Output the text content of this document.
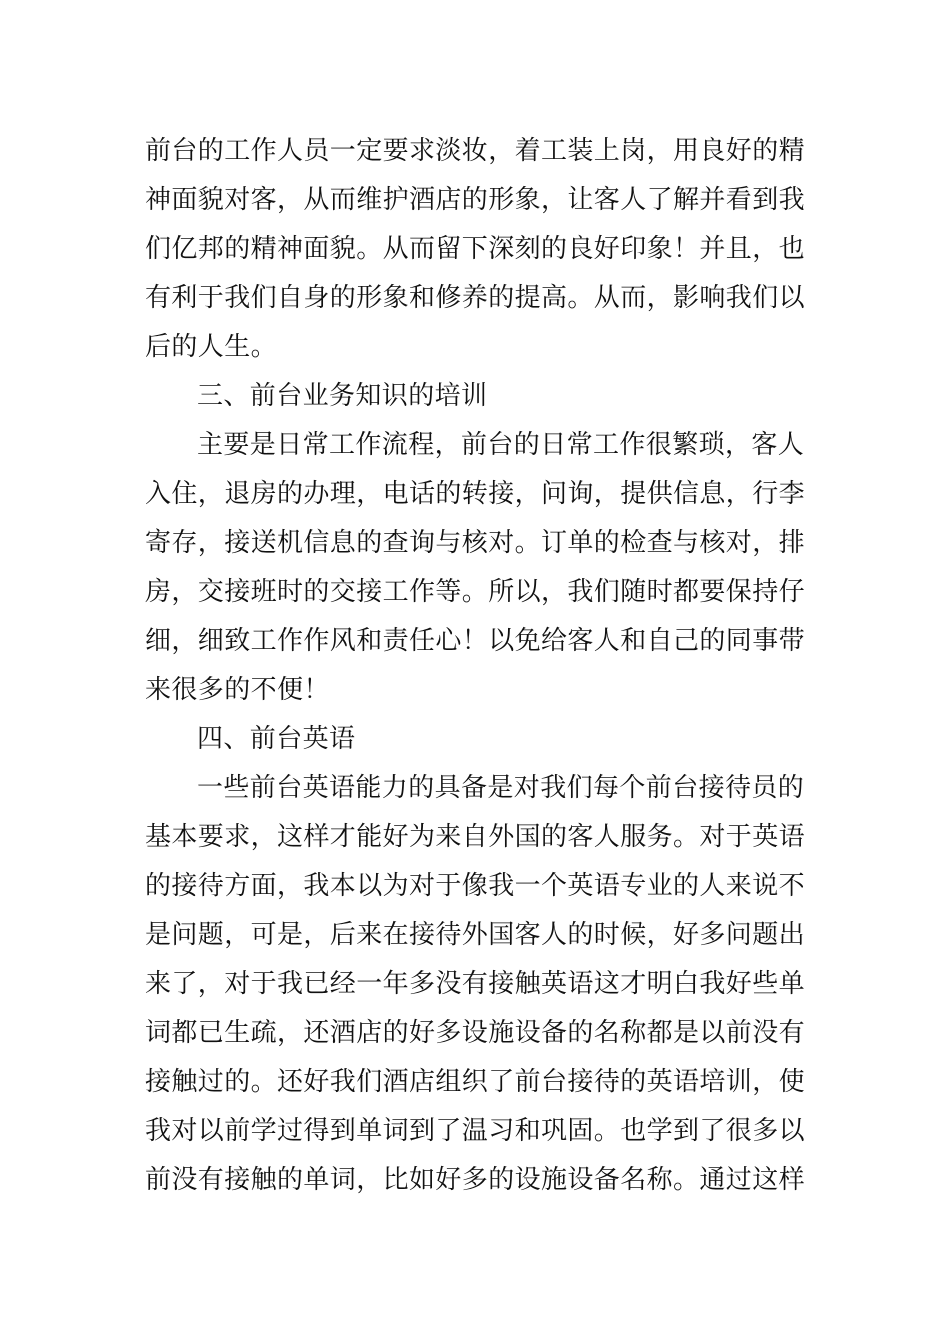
前台的工作人员一定要求淡妆，着工装上岗，用良好的精
神面貌对客，从而维护酒店的形象，让客人了解并看到我
们亿邦的精神面貌。从而留下深刻的良好印象！并且，也
有利于我们自身的形象和修养的提高。从而，影响我们以
后的人生。
三、前台业务知识的培训
主要是日常工作流程，前台的日常工作很繁琐，客人
入住，退房的办理，电话的转接，问询，提供信息，行李
寄存，接送机信息的查询与核对。订单的检查与核对，排
房，交接班时的交接工作等。所以，我们随时都要保持仔
细，细致工作作风和责任心！以免给客人和自己的同事带
来很多的不便！
四、前台英语
一些前台英语能力的具备是对我们每个前台接待员的
基本要求，这样才能好为来自外国的客人服务。对于英语
的接待方面，我本以为对于像我一个英语专业的人来说不
是问题，可是，后来在接待外国客人的时候，好多问题出
来了，对于我已经一年多没有接触英语这才明白我好些单
词都已生疏，还酒店的好多设施设备的名称都是以前没有
接触过的。还好我们酒店组织了前台接待的英语培训，使
我对以前学过得到单词到了温习和巩固。也学到了很多以
前没有接触的单词，比如好多的设施设备名称。通过这样
